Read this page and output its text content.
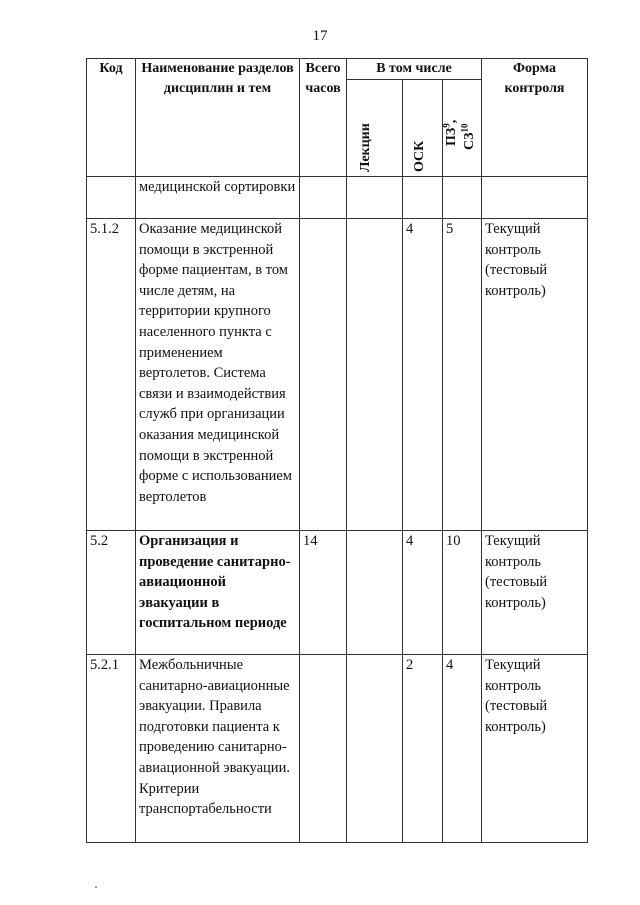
17
Код	Наименование разделов дисциплин и тем	Всего часов	В том числе			Форма контроля

			Лекции	ОСК	$ПЗ^9$,
СЗ$^{10}$

	медицинской сортировки					
5.1.2	Оказание медицинской помощи в экстренной форме пациентам, в том числе детям, на территории крупного населенного пункта с применением вертолетов. Система связи и взаимодействия служб при организации оказания медицинской помощи в экстренной форме с использованием вертолетов			4	5	Текущий контроль (тестовый контроль)
5.2	Организация и проведение санитарно-авиационной эвакуации в госпитальном периоде	14		4	10	Текущий контроль (тестовый контроль)
5.2.1	Межбольничные санитарно-авиационные эвакуации. Правила подготовки пациента к проведению санитарно-авиационной эвакуации. Критерии транспортабельности			2	4	Текущий контроль (тестовый контроль)
